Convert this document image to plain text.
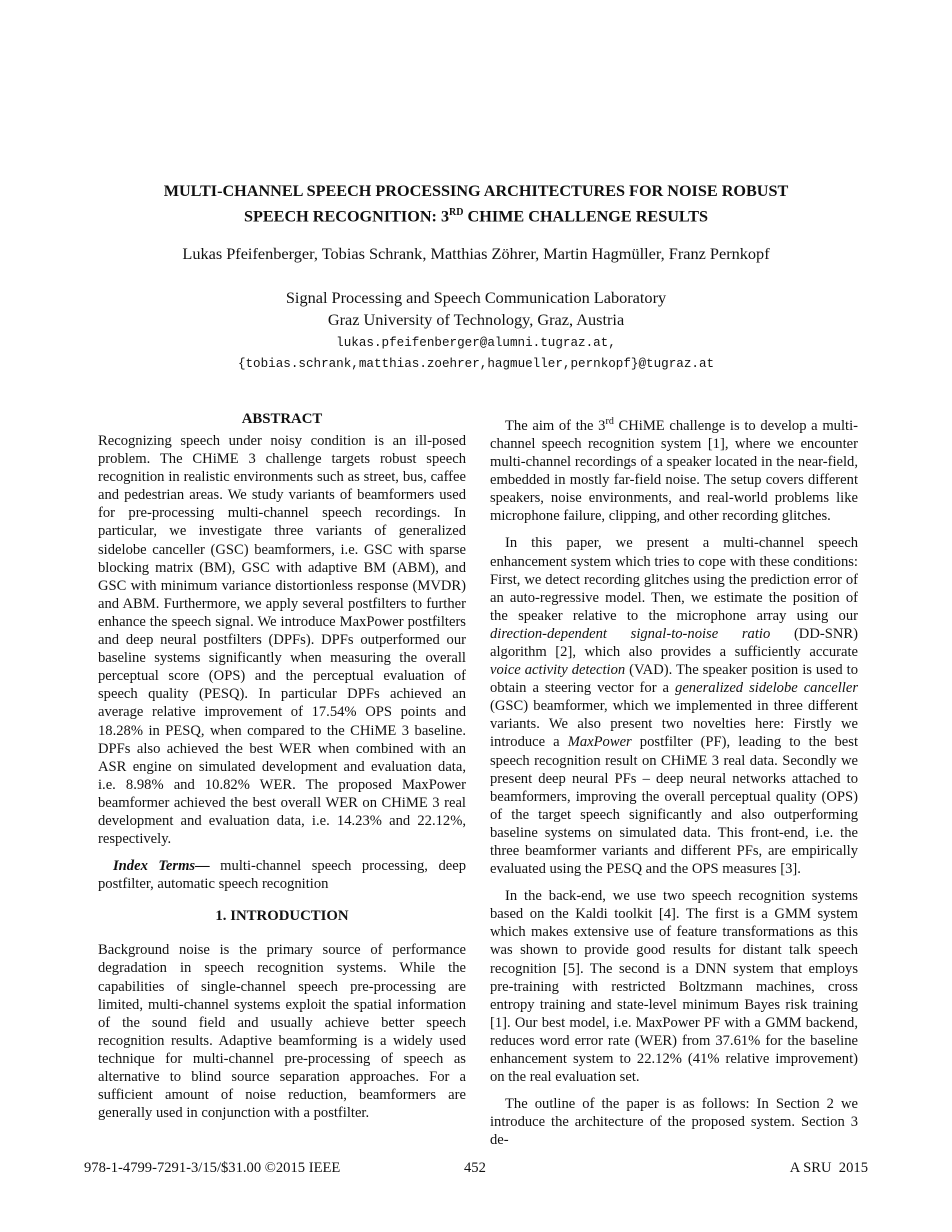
MULTI-CHANNEL SPEECH PROCESSING ARCHITECTURES FOR NOISE ROBUST
SPEECH RECOGNITION: 3RD CHIME CHALLENGE RESULTS
Lukas Pfeifenberger, Tobias Schrank, Matthias Zöhrer, Martin Hagmüller, Franz Pernkopf
Signal Processing and Speech Communication Laboratory
Graz University of Technology, Graz, Austria
lukas.pfeifenberger@alumni.tugraz.at,
{tobias.schrank,matthias.zoehrer,hagmueller,pernkopf}@tugraz.at
ABSTRACT

Recognizing speech under noisy condition is an ill-posed problem. The CHiME 3 challenge targets robust speech recognition in realistic environments such as street, bus, caffee and pedestrian areas. We study variants of beamformers used for pre-processing multi-channel speech recordings. In particular, we investigate three variants of generalized sidelobe canceller (GSC) beamformers, i.e. GSC with sparse blocking matrix (BM), GSC with adaptive BM (ABM), and GSC with minimum variance distortionless response (MVDR) and ABM. Furthermore, we apply several postfilters to further enhance the speech signal. We introduce MaxPower postfilters and deep neural postfilters (DPFs). DPFs outperformed our baseline systems significantly when measuring the overall perceptual score (OPS) and the perceptual evaluation of speech quality (PESQ). In particular DPFs achieved an average relative improvement of 17.54% OPS points and 18.28% in PESQ, when compared to the CHiME 3 baseline. DPFs also achieved the best WER when combined with an ASR engine on simulated development and evaluation data, i.e. 8.98% and 10.82% WER. The proposed MaxPower beamformer achieved the best overall WER on CHiME 3 real development and evaluation data, i.e. 14.23% and 22.12%, respectively.

Index Terms— multi-channel speech processing, deep postfilter, automatic speech recognition

1. INTRODUCTION

Background noise is the primary source of performance degradation in speech recognition systems. While the capabilities of single-channel speech pre-processing are limited, multi-channel systems exploit the spatial information of the sound field and usually achieve better speech recognition results. Adaptive beamforming is a widely used technique for multi-channel pre-processing of speech as alternative to blind source separation approaches. For a sufficient amount of noise reduction, beamformers are generally used in conjunction with a postfilter.

The aim of the 3rd CHiME challenge is to develop a multi-channel speech recognition system [1], where we encounter multi-channel recordings of a speaker located in the near-field, embedded in mostly far-field noise. The setup covers different speakers, noise environments, and real-world problems like microphone failure, clipping, and other recording glitches.

In this paper, we present a multi-channel speech enhancement system which tries to cope with these conditions: First, we detect recording glitches using the prediction error of an auto-regressive model. Then, we estimate the position of the speaker relative to the microphone array using our direction-dependent signal-to-noise ratio (DD-SNR) algorithm [2], which also provides a sufficiently accurate voice activity detection (VAD). The speaker position is used to obtain a steering vector for a generalized sidelobe canceller (GSC) beamformer, which we implemented in three different variants. We also present two novelties here: Firstly we introduce a MaxPower postfilter (PF), leading to the best speech recognition result on CHiME 3 real data. Secondly we present deep neural PFs – deep neural networks attached to beamformers, improving the overall perceptual quality (OPS) of the target speech significantly and also outperforming baseline systems on simulated data. This front-end, i.e. the three beamformer variants and different PFs, are empirically evaluated using the PESQ and the OPS measures [3].

In the back-end, we use two speech recognition systems based on the Kaldi toolkit [4]. The first is a GMM system which makes extensive use of feature transformations as this was shown to provide good results for distant talk speech recognition [5]. The second is a DNN system that employs pre-training with restricted Boltzmann machines, cross entropy training and state-level minimum Bayes risk training [1]. Our best model, i.e. MaxPower PF with a GMM backend, reduces word error rate (WER) from 37.61% for the baseline enhancement system to 22.12% (41% relative improvement) on the real evaluation set.

The outline of the paper is as follows: In Section 2 we introduce the architecture of the proposed system. Section 3 de-

978-1-4799-7291-3/15/$31.00 ©2015 IEEE	452	A SRU  2015
